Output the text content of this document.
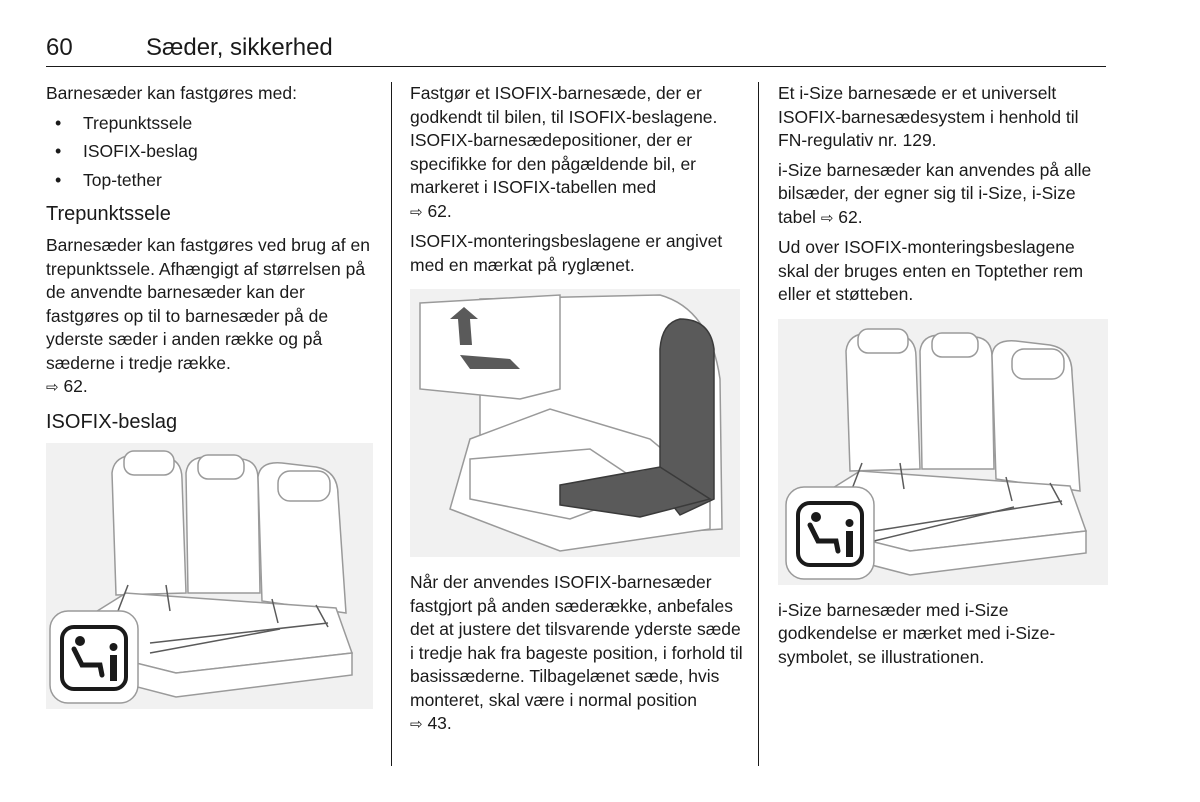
60	Sæder, sikkerhed

Barnesæder kan fastgøres med:

• Trepunktssele
• ISOFIX-beslag
• Top-tether
Trepunktssele

Barnesæder kan fastgøres ved brug af en trepunktssele. Afhængigt af størrelsen på de anvendte barnesæder kan der fastgøres op til to barnesæder på de yderste sæder i anden række og på sæderne i tredje række.
⇨ 62.

ISOFIX-beslag

Fastgør et ISOFIX-barnesæde, der er godkendt til bilen, til ISOFIX-beslagene. ISOFIX-barnesædepositioner, der er specifikke for den pågældende bil, er markeret i ISOFIX-tabellen med
⇨ 62.

ISOFIX-monteringsbeslagene er angivet med en mærkat på ryglænet.

Når der anvendes ISOFIX-barnesæder fastgjort på anden sæderække, anbefales det at justere det tilsvarende yderste sæde i tredje hak fra bageste position, i forhold til basissæderne. Tilbagelænet sæde, hvis monteret, skal være i normal position
⇨ 43.

Et i-Size barnesæde er et universelt ISOFIX-barnesædesystem i henhold til FN-regulativ nr. 129.

i-Size barnesæder kan anvendes på alle bilsæder, der egner sig til i-Size, i-Size tabel ⇨ 62.

Ud over ISOFIX-monteringsbeslagene skal der bruges enten en Toptether rem eller et støtteben.

i-Size barnesæder med i-Size godkendelse er mærket med i-Size-symbolet, se illustrationen.
